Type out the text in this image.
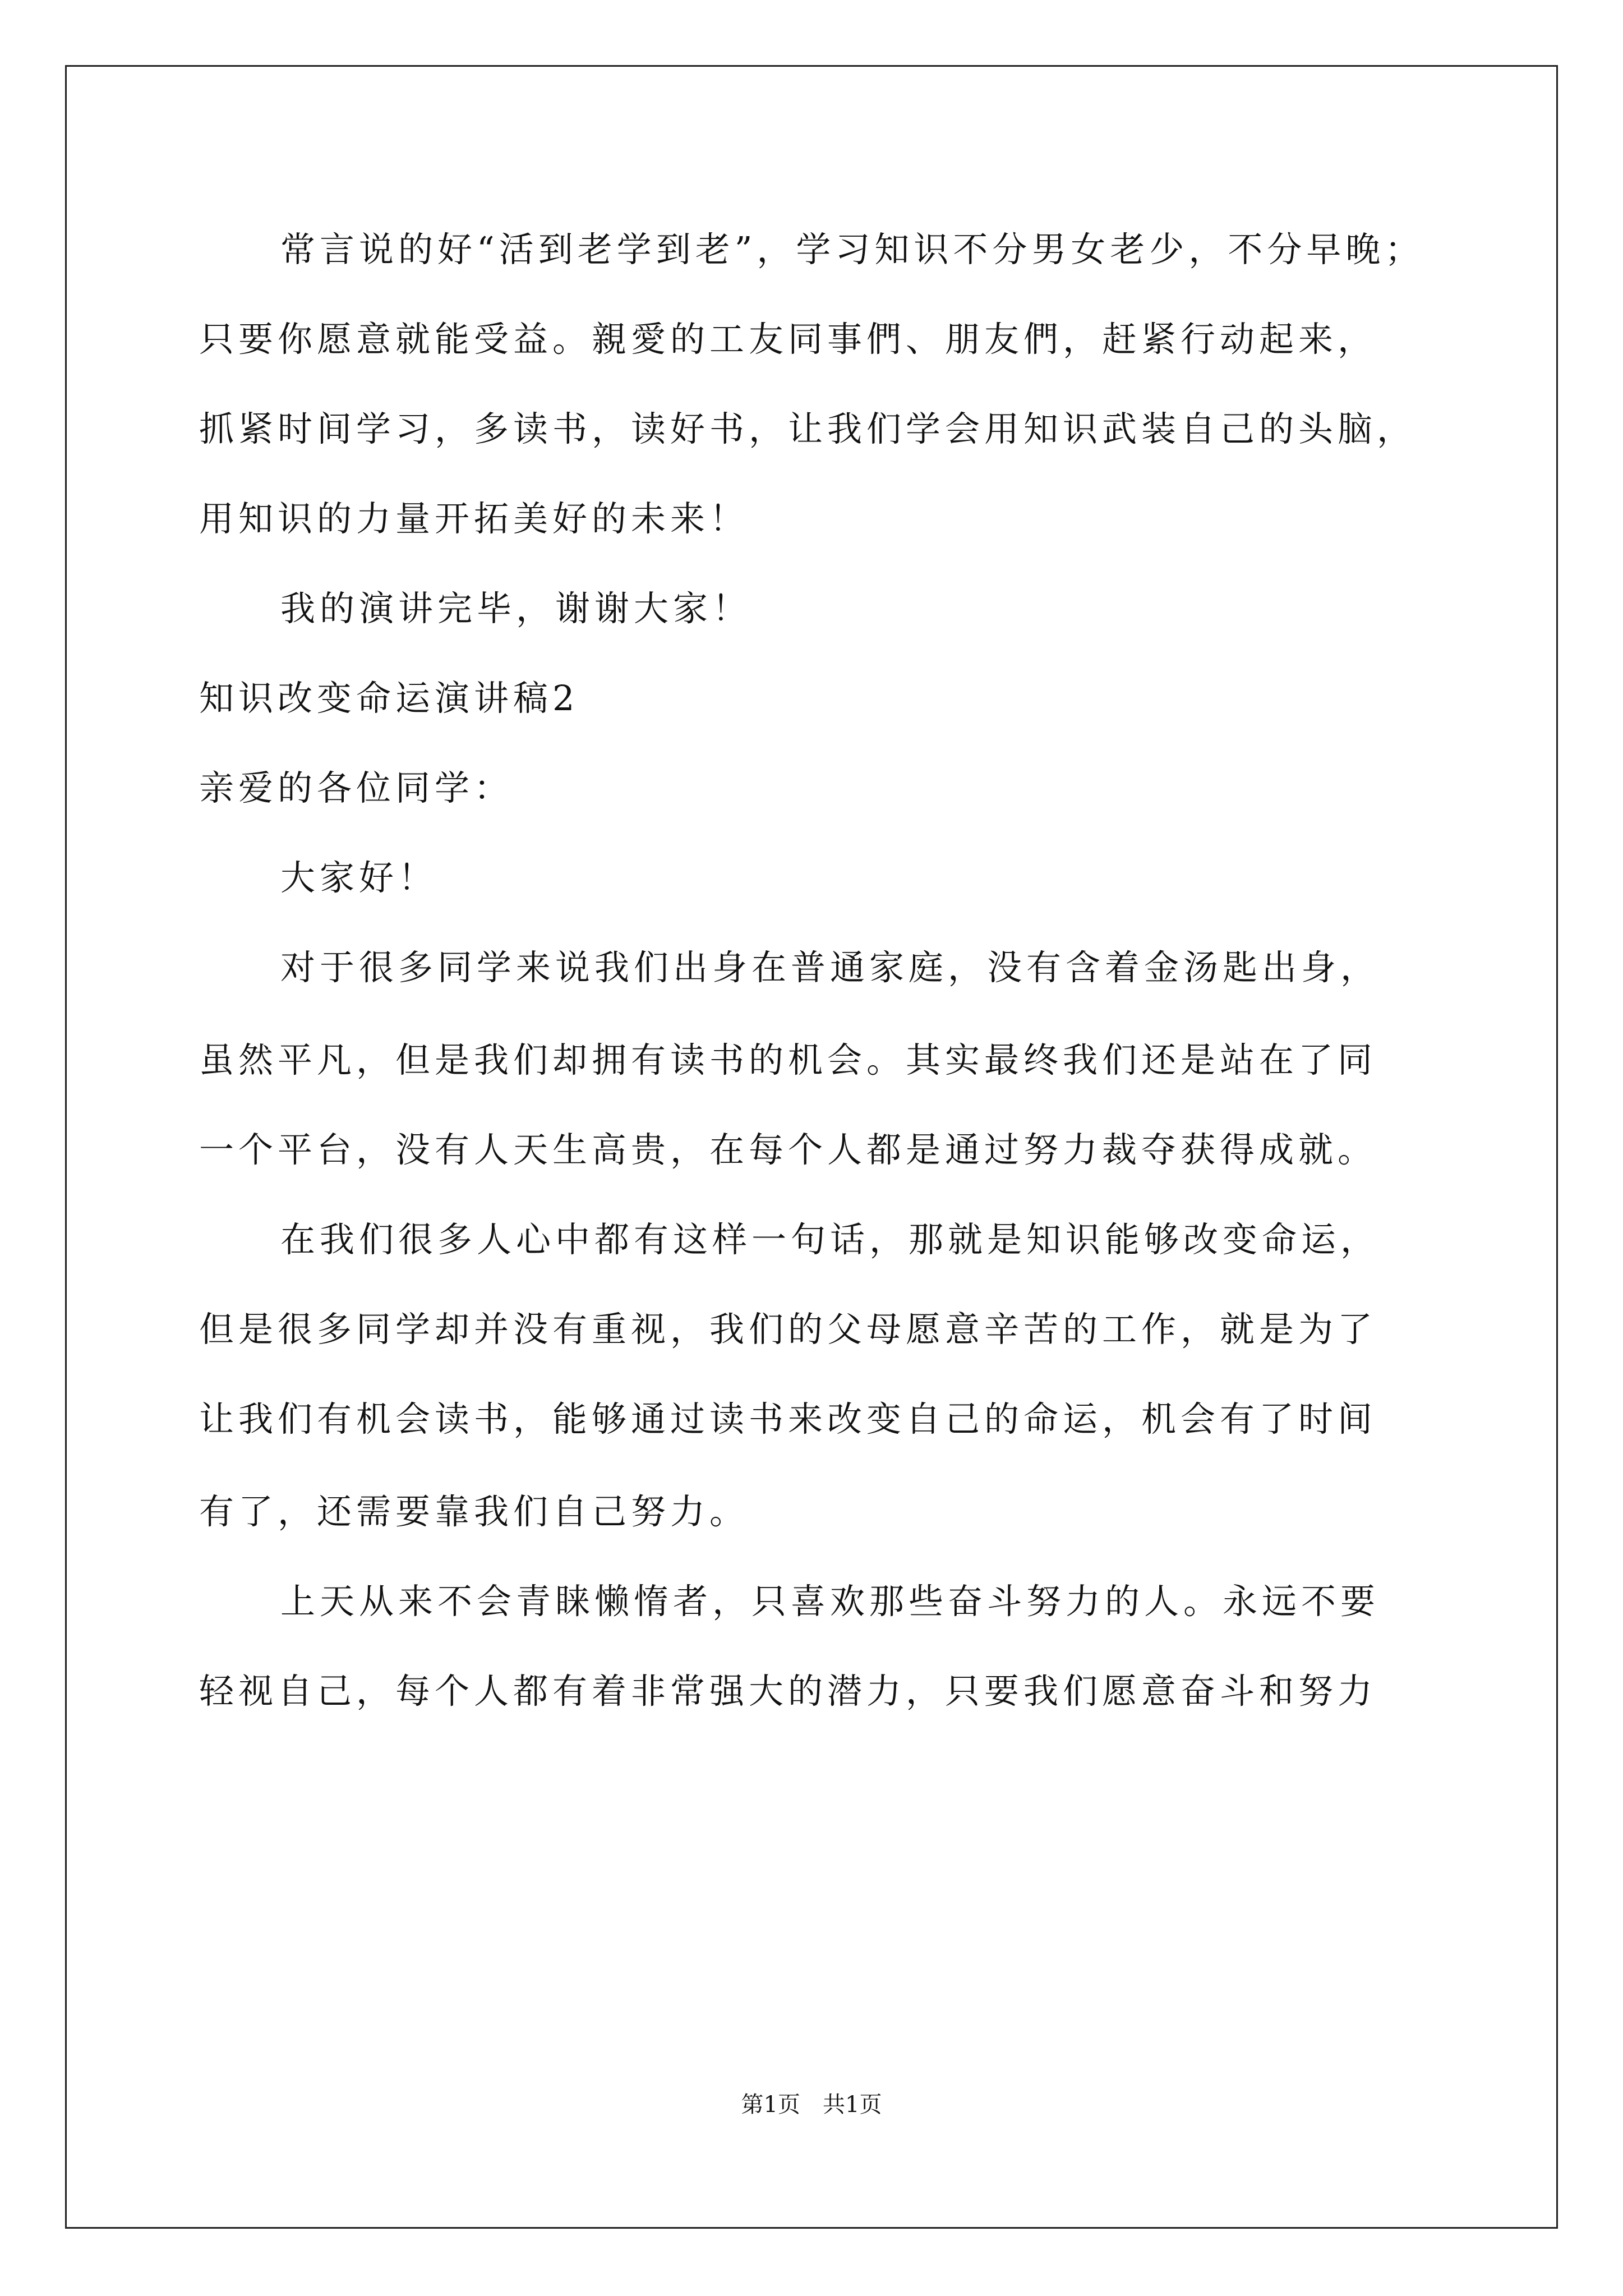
常言说的好“活到老学到老”，学习知识不分男女老少，不分早晚；
只要你愿意就能受益。親愛的工友同事們、朋友們，赶紧行动起来，
抓紧时间学习，多读书，读好书，让我们学会用知识武装自己的头脑，
用知识的力量开拓美好的未来！
我的演讲完毕，谢谢大家！
知识改变命运演讲稿2
亲爱的各位同学：
大家好！
对于很多同学来说我们出身在普通家庭，没有含着金汤匙出身，
虽然平凡，但是我们却拥有读书的机会。其实最终我们还是站在了同
一个平台，没有人天生高贵，在每个人都是通过努力裁夺获得成就。
在我们很多人心中都有这样一句话，那就是知识能够改变命运，
但是很多同学却并没有重视，我们的父母愿意辛苦的工作，就是为了
让我们有机会读书，能够通过读书来改变自己的命运，机会有了时间
有了，还需要靠我们自己努力。
上天从来不会青睐懒惰者，只喜欢那些奋斗努力的人。永远不要
轻视自己，每个人都有着非常强大的潜力，只要我们愿意奋斗和努力
第1页　共1页
